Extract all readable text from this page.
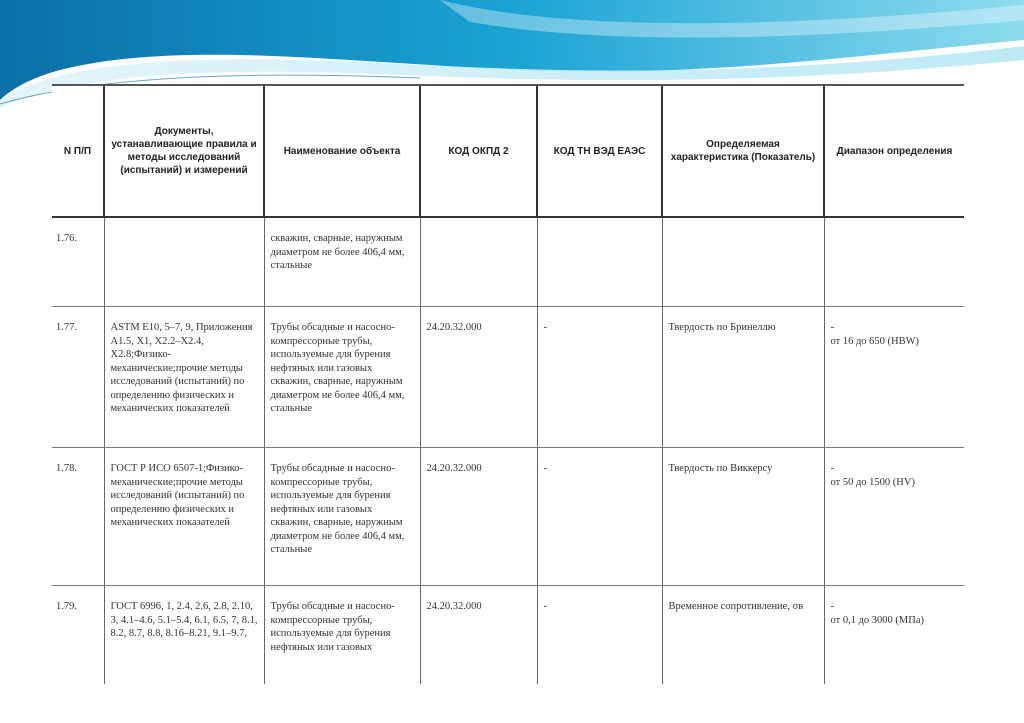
N П/П	Документы, устанавливающие правила и методы исследований (испытаний) и измерений	Наименование объекта	КОД ОКПД 2	КОД ТН ВЭД ЕАЭС	Определяемая характеристика (Показатель)	Диапазон определения
1.76.		скважин, сварные, наружным диаметром не более 406,4 мм, стальные				

1.77.	ASTM E10, 5–7, 9, Приложения A1.5, X1, X2.2–X2.4, X2.8;Физико-механические;прочие методы исследований (испытаний) по определению физических и механических показателей	Трубы обсадные и насосно-компрессорные трубы, используемые для бурения нефтяных или газовых скважин, сварные, наружным диаметром не более 406,4 мм, стальные	24.20.32.000	-	Твердость по Бринеллю	-
от 16 до 650 (HBW)

1.78.	ГОСТ Р ИСО 6507-1;Физико-механические;прочие методы исследований (испытаний) по определению физических и механических показателей	Трубы обсадные и насосно-компрессорные трубы, используемые для бурения нефтяных или газовых скважин, сварные, наружным диаметром не более 406,4 мм, стальные	24.20.32.000	-	Твердость по Виккерсу	-
от 50 до 1500 (HV)

1.79.	ГОСТ 6996, 1, 2.4, 2.6, 2.8, 2.10, 3, 4.1–4.6, 5.1–5.4, 6.1, 6.5, 7, 8.1, 8.2, 8.7, 8.8, 8.16–8.21, 9.1–9.7,	Трубы обсадные и насосно-компрессорные трубы, используемые для бурения нефтяных или газовых	24.20.32.000	-	Временное сопротивление, σв	-
от 0,1 до 3000 (МПа)
